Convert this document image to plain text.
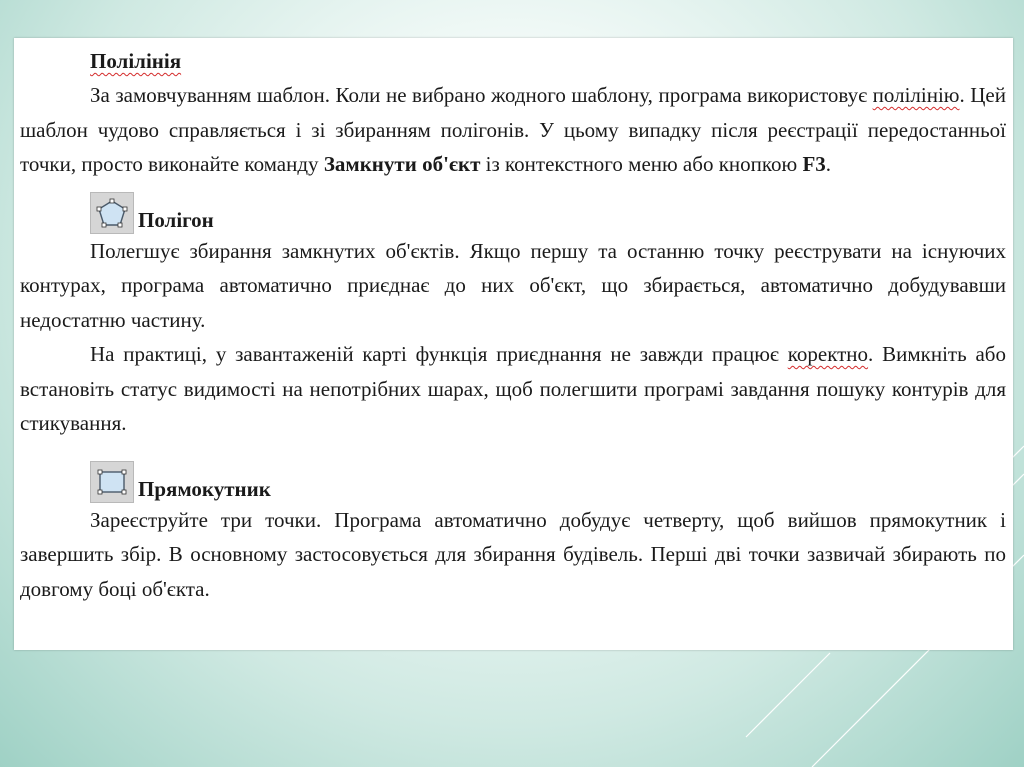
Полілінія

За замовчуванням шаблон. Коли не вибрано жодного шаблону, програма використовує полілінію. Цей шаблон чудово справляється і зі збиранням полігонів. У цьому випадку після реєстрації передостанньої точки, просто виконайте команду Замкнути об'єкт із контекстного меню або кнопкою F3.

Полігон

Полегшує збирання замкнутих об'єктів. Якщо першу та останню точку реєструвати на існуючих контурах, програма автоматично приєднає до них об'єкт, що збирається, автоматично добудувавши недостатню частину.

На практиці, у завантаженій карті функція приєднання не завжди працює коректно. Вимкніть або встановіть статус видимості на непотрібних шарах, щоб полегшити програмі завдання пошуку контурів для стикування.

Прямокутник

Зареєструйте три точки. Програма автоматично добудує четверту, щоб вийшов прямокутник і завершить збір. В основному застосовується для збирання будівель. Перші дві точки зазвичай збирають по довгому боці об'єкта.
